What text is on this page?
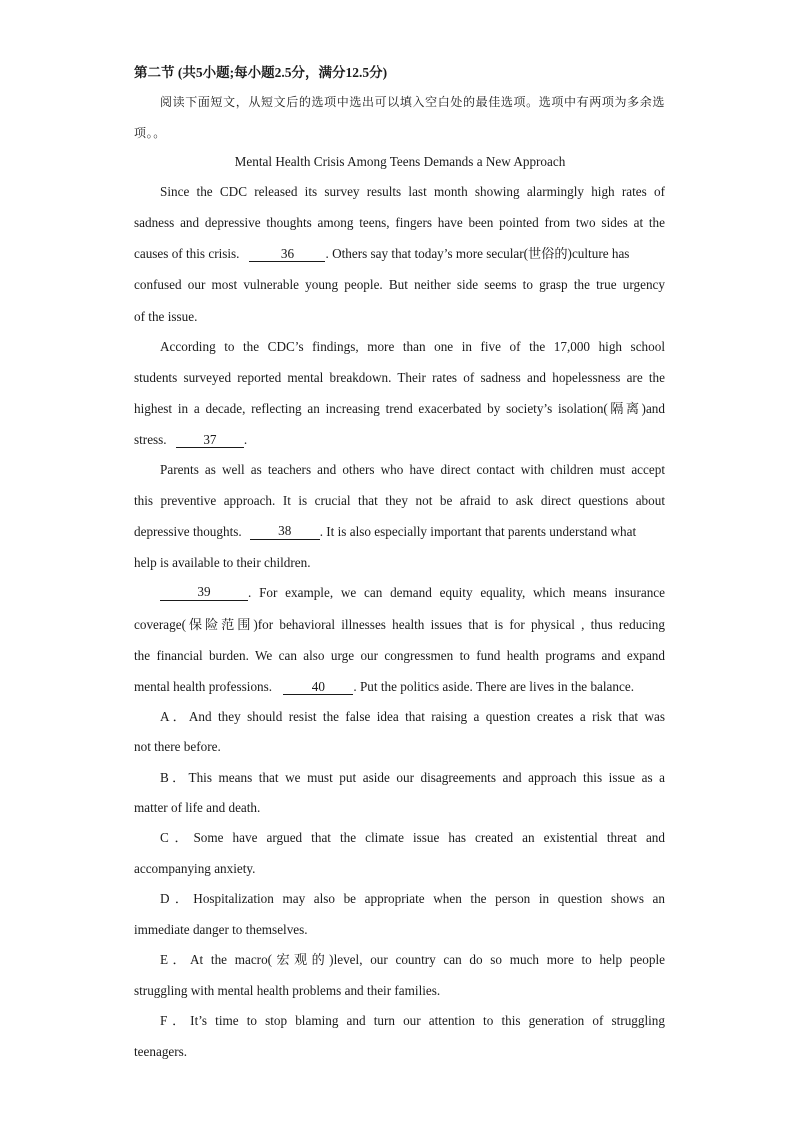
第二节 (共5小题;每小题2.5分，满分12.5分)
阅读下面短文，从短文后的选项中选出可以填入空白处的最佳选项。选项中有两项为多余选
项。。
Mental Health Crisis Among Teens Demands a New Approach
Since the CDC released its survey results last month showing alarmingly high rates of
sadness and depressive thoughts among teens, fingers have been pointed from two sides at the
causes of this crisis.	36 . Others say that today’s more secular(世俗的)culture has
confused our most vulnerable young people. But neither side seems to grasp the true urgency
of the issue.
According to the CDC’s findings, more than one in five of the 17,000 high school
students surveyed reported mental breakdown. Their rates of sadness and hopelessness are the
highest in a decade, reflecting an increasing trend exacerbated by society’s isolation(隔离)and
stress.	37 .
Parents as well as teachers and others who have direct contact with children must accept
this preventive approach. It is crucial that they not be afraid to ask direct questions about
depressive thoughts.	38	. It is also especially important that parents understand what
help is available to their children.
39	. For example, we can demand equity equality, which means insurance
coverage(保险范围)for behavioral illnesses health issues that is for physical , thus reducing
the financial burden. We can also urge our congressmen to fund health programs and expand
mental health professions.	40 . Put the politics aside. There are lives in the balance.
A．And they should resist the false idea that raising a question creates a risk that was
not there before.
B．This means that we must put aside our disagreements and approach this issue as a
matter of life and death.
C．Some have argued that the climate issue has created an existential threat and
accompanying anxiety.
D．Hospitalization may also be appropriate when the person in question shows an
immediate danger to themselves.
E．At the macro(宏观的)level, our country can do so much more to help people
struggling with mental health problems and their families.
F．It’s time to stop blaming and turn our attention to this generation of struggling
teenagers.
